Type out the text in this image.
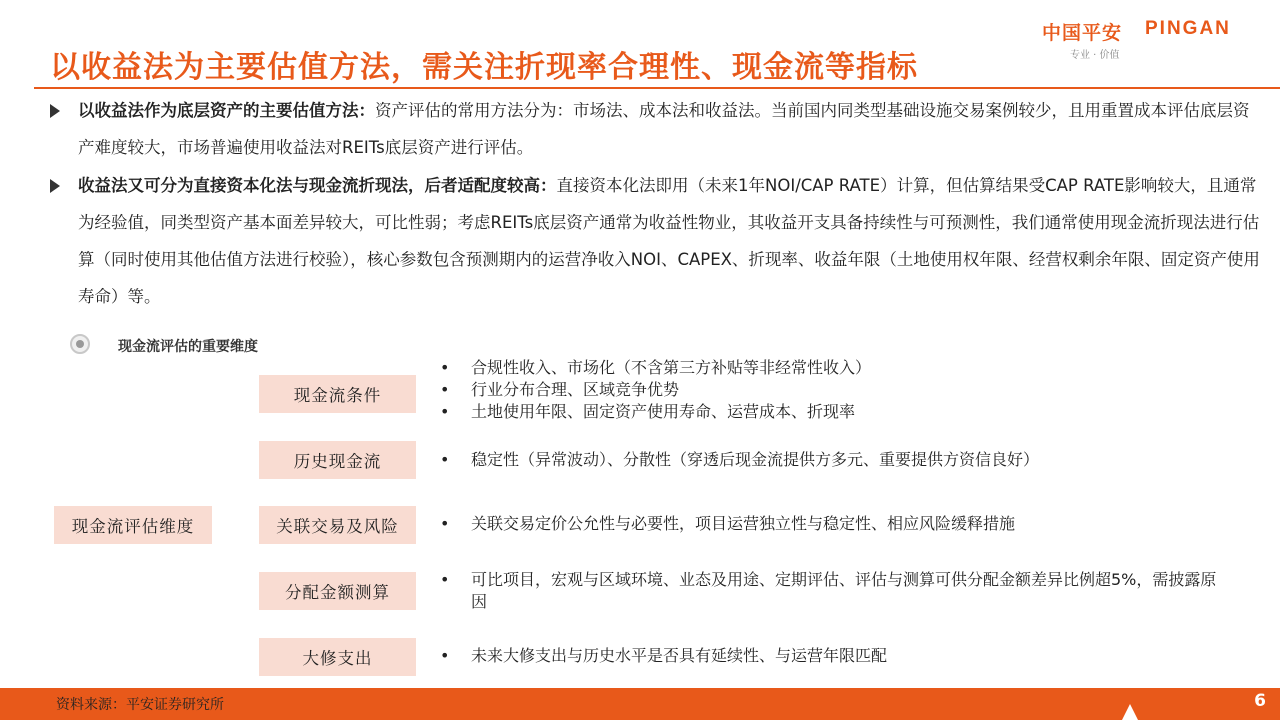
以收益法为主要估值方法，需关注折现率合理性、现金流等指标
中国平安 PINGAN
专业 · 价值
以收益法作为底层资产的主要估值方法：资产评估的常用方法分为：市场法、成本法和收益法。当前国内同类型基础设施交易案例较少，且用重置成本评估底层资产难度较大，市场普遍使用收益法对REITs底层资产进行评估。
收益法又可分为直接资本化法与现金流折现法，后者适配度较高：直接资本化法即用（未来1年NOI/CAP RATE）计算，但估算结果受CAP RATE影响较大，且通常为经验值，同类型资产基本面差异较大，可比性弱；考虑REITs底层资产通常为收益性物业，其收益开支具备持续性与可预测性，我们通常使用现金流折现法进行估算（同时使用其他估值方法进行校验），核心参数包含预测期内的运营净收入NOI、CAPEX、折现率、收益年限（土地使用权年限、经营权剩余年限、固定资产使用寿命）等。
现金流评估的重要维度
现金流评估维度
现金流条件
• 合规性收入、市场化（不含第三方补贴等非经常性收入）
• 行业分布合理、区域竞争优势
• 土地使用年限、固定资产使用寿命、运营成本、折现率
历史现金流	• 稳定性（异常波动）、分散性（穿透后现金流提供方多元、重要提供方资信良好）
关联交易及风险	• 关联交易定价公允性与必要性，项目运营独立性与稳定性、相应风险缓释措施
分配金额测算
• 可比项目，宏观与区域环境、业态及用途、定期评估、评估与测算可供分配金额差异比例超5%，需披露原因
大修支出	• 未来大修支出与历史水平是否具有延续性、与运营年限匹配
资料来源：平安证券研究所	6
